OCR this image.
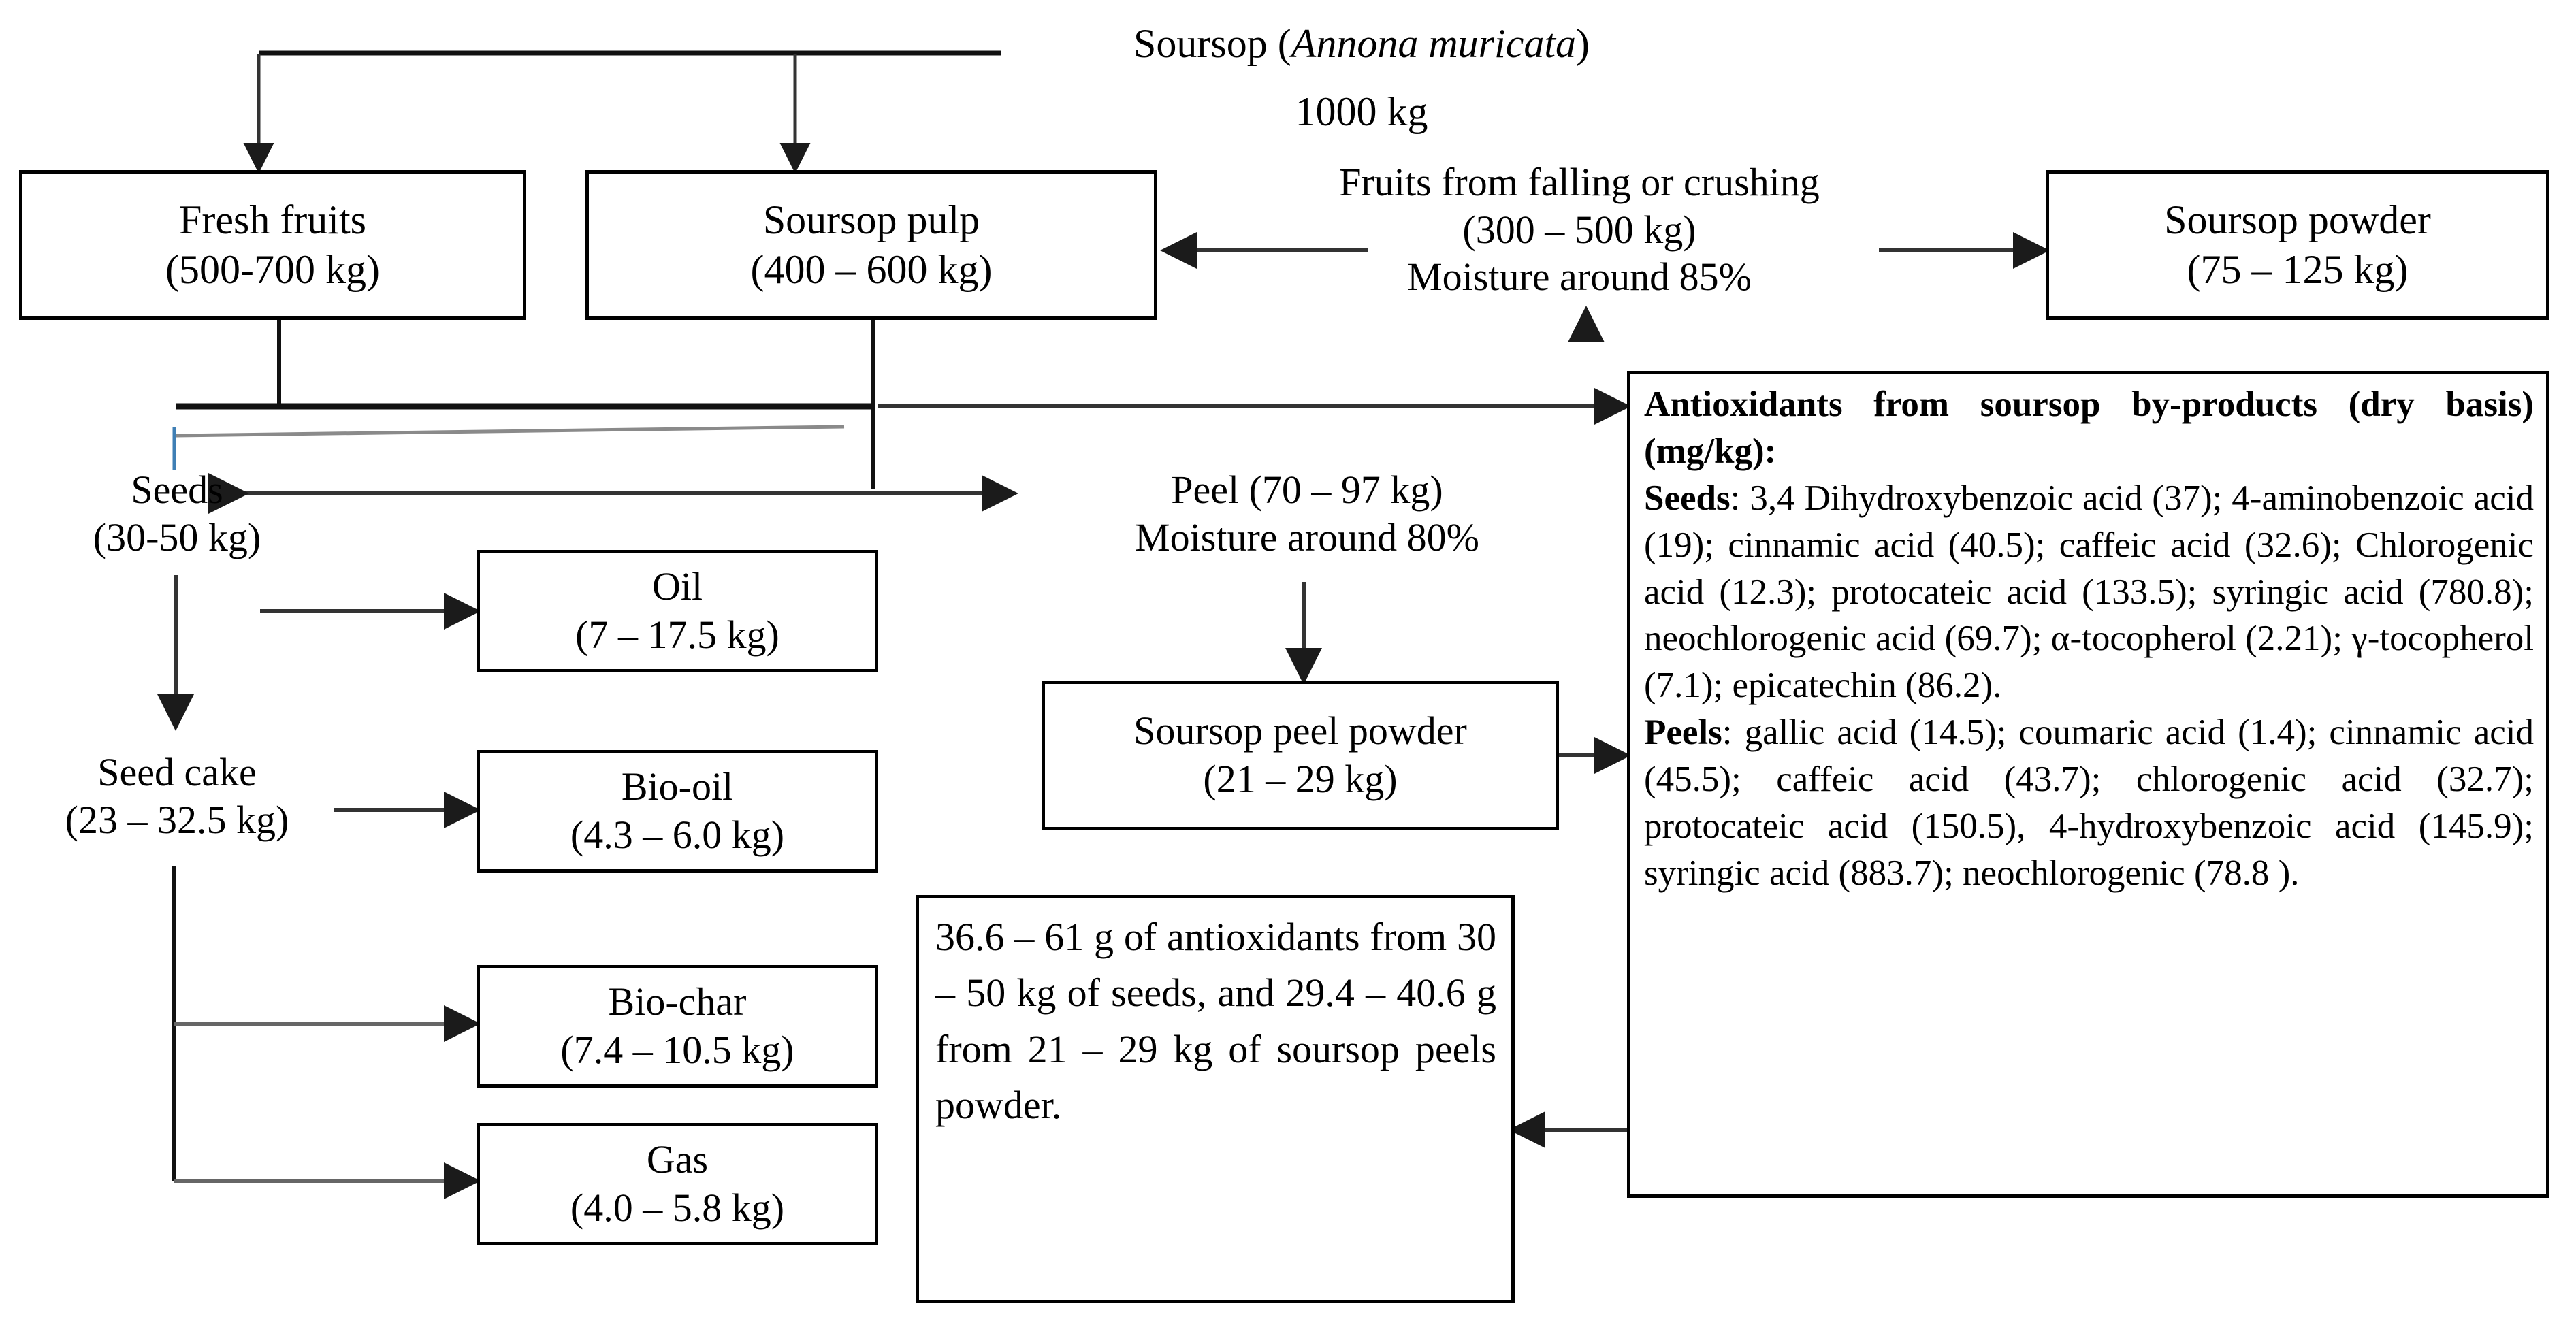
Soursop (Annona muricata)
1000 kg
Fruits from falling or crushing
(300 – 500 kg)
Moisture around 85%
Fresh fruits
(500-700 kg)
Soursop pulp
(400 – 600 kg)
Soursop powder
(75 – 125 kg)
Seeds
(30-50 kg)
Seed cake
(23 – 32.5 kg)
Peel (70 – 97 kg)
Moisture around 80%
Oil
(7 – 17.5 kg)
Bio-oil
(4.3 – 6.0 kg)
Bio-char
(7.4 – 10.5 kg)
Gas
(4.0 – 5.8 kg)
Soursop peel powder
(21 – 29 kg)
Antioxidants from soursop by-products (dry basis) (mg/kg):
Seeds: 3,4 Dihydroxybenzoic acid (37); 4-aminobenzoic acid (19); cinnamic acid (40.5); caffeic acid (32.6); Chlorogenic acid (12.3); protocateic acid (133.5); syringic acid (780.8); neochlorogenic acid (69.7); α-tocopherol (2.21); γ-tocopherol (7.1); epicatechin (86.2).
Peels: gallic acid (14.5); coumaric acid (1.4); cinnamic acid (45.5); caffeic acid (43.7); chlorogenic acid (32.7); protocateic acid (150.5), 4-hydroxybenzoic acid (145.9); syringic acid (883.7); neochlorogenic (78.8 ).
36.6 – 61 g of antioxidants from 30 – 50 kg of seeds, and 29.4 – 40.6 g from 21 – 29 kg of soursop peels powder.
